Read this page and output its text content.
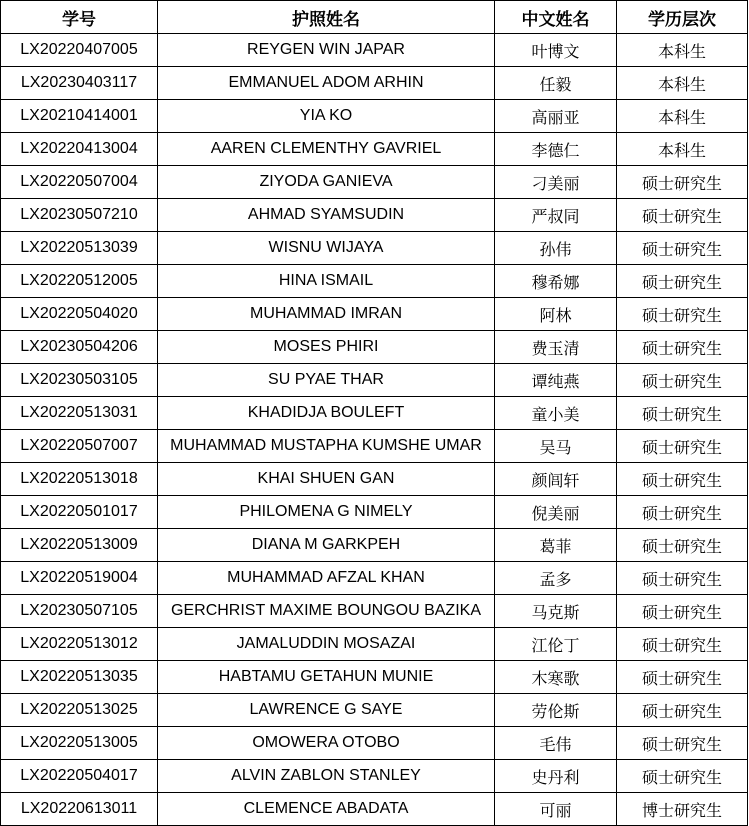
学号	护照姓名	中文姓名	学历层次
LX20220407005	REYGEN WIN JAPAR	叶博文	本科生
LX20230403117	EMMANUEL ADOM ARHIN	任毅	本科生
LX20210414001	YIA KO	高丽亚	本科生
LX20220413004	AAREN CLEMENTHY GAVRIEL	李德仁	本科生
LX20220507004	ZIYODA GANIEVA	刁美丽	硕士研究生
LX20230507210	AHMAD SYAMSUDIN	严叔同	硕士研究生
LX20220513039	WISNU WIJAYA	孙伟	硕士研究生
LX20220512005	HINA ISMAIL	穆希娜	硕士研究生
LX20220504020	MUHAMMAD IMRAN	阿林	硕士研究生
LX20230504206	MOSES PHIRI	费玉清	硕士研究生
LX20230503105	SU PYAE THAR	谭纯燕	硕士研究生
LX20220513031	KHADIDJA BOULEFT	童小美	硕士研究生
LX20220507007	MUHAMMAD MUSTAPHA KUMSHE UMAR	吴马	硕士研究生
LX20220513018	KHAI SHUEN GAN	颜闾轩	硕士研究生
LX20220501017	PHILOMENA G NIMELY	倪美丽	硕士研究生
LX20220513009	DIANA M GARKPEH	葛菲	硕士研究生
LX20220519004	MUHAMMAD AFZAL KHAN	孟多	硕士研究生
LX20230507105	GERCHRIST MAXIME BOUNGOU BAZIKA	马克斯	硕士研究生
LX20220513012	JAMALUDDIN MOSAZAI	江伦丁	硕士研究生
LX20220513035	HABTAMU GETAHUN MUNIE	木寒歌	硕士研究生
LX20220513025	LAWRENCE G SAYE	劳伦斯	硕士研究生
LX20220513005	OMOWERA OTOBO	毛伟	硕士研究生
LX20220504017	ALVIN ZABLON STANLEY	史丹利	硕士研究生
LX20220613011	CLEMENCE ABADATA	可丽	博士研究生
